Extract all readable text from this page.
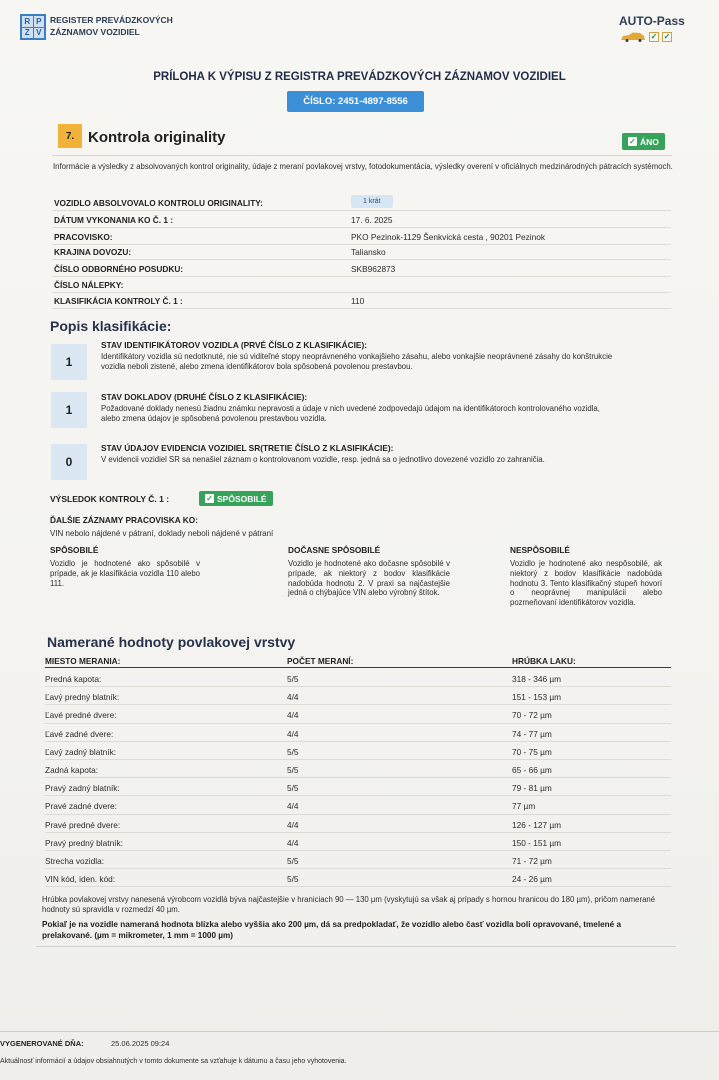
R P
Z V
REGISTER PREVÁDZKOVÝCH
ZÁZNAMOV VOZIDIEL
AUTO-Pass
✓ ✓
PRÍLOHA K VÝPISU Z REGISTRA PREVÁDZKOVÝCH ZÁZNAMOV VOZIDIEL
ČÍSLO: 2451-4897-8556
7. Kontrola originality	✓ ÁNO
Informácie a výsledky z absolvovaných kontrol originality, údaje z meraní povlakovej vrstvy, fotodokumentácia, výsledky overení v oficiálnych medzinárodných pátracích systémoch.
VOZIDLO ABSOLVOVALO KONTROLU ORIGINALITY:	1 krát
DÁTUM VYKONANIA KO Č. 1 :	17. 6. 2025
PRACOVISKO:	PKO Pezinok-1129 Šenkvická cesta , 90201 Pezinok
KRAJINA DOVOZU:	Taliansko
ČÍSLO ODBORNÉHO POSUDKU:	SKB962873
ČÍSLO NÁLEPKY:
KLASIFIKÁCIA KONTROLY Č. 1 :	110
Popis klasifikácie:
1
STAV IDENTIFIKÁTOROV VOZIDLA (PRVÉ ČÍSLO Z KLASIFIKÁCIE):
Identifikátory vozidla sú nedotknuté, nie sú viditeľné stopy neoprávneného vonkajšieho zásahu, alebo vonkajšie neoprávnené zásahy do konštrukcie vozidla neboli zistené, alebo zmena identifikátorov bola spôsobená povolenou prestavbou.
1
STAV DOKLADOV (DRUHÉ ČÍSLO Z KLASIFIKÁCIE):
Požadované doklady nenesú žiadnu známku nepravosti a údaje v nich uvedené zodpovedajú údajom na identifikátoroch kontrolovaného vozidla, alebo zmena údajov je spôsobená povolenou prestavbou vozidla.
0
STAV ÚDAJOV EVIDENCIA VOZIDIEL SR(TRETIE ČÍSLO Z KLASIFIKÁCIE):
V evidencii vozidiel SR sa nenašiel záznam o kontrolovanom vozidle, resp. jedná sa o jednotlivo dovezené vozidlo zo zahraničia.
VÝSLEDOK KONTROLY Č. 1 :	✓ SPÔSOBILÉ
ĎALŠIE ZÁZNAMY PRACOVISKA KO:
VIN nebolo nájdené v pátraní, doklady neboli nájdené v pátraní
SPÔSOBILÉ
Vozidlo je hodnotené ako spôsobilé v prípade, ak je klasifikácia vozidla 110 alebo 111.
DOČASNE SPÔSOBILÉ
Vozidlo je hodnotené ako dočasne spôsobilé v prípade, ak niektorý z bodov klasifikácie nadobúda hodnotu 2. V praxi sa najčastejšie jedná o chýbajúce VIN alebo výrobný štítok.
NESPÔSOBILÉ
Vozidlo je hodnotené ako nespôsobilé, ak niektorý z bodov klasifikácie nadobúda hodnotu 3. Tento klasifikačný stupeň hovorí o neoprávnej manipulácii alebo pozmeňovaní identifikátorov vozidla.
Namerané hodnoty povlakovej vrstvy
MIESTO MERANIA:	POČET MERANÍ:	HRÚBKA LAKU:
Predná kapota:	5/5	318 - 346 µm
Ľavý predný blatník:	4/4	151 - 153 µm
Ľavé predné dvere:	4/4	70 - 72 µm
Ľavé zadné dvere:	4/4	74 - 77 µm
Ľavý zadný blatník:	5/5	70 - 75 µm
Zadná kapota:	5/5	65 - 66 µm
Pravý zadný blatník:	5/5	79 - 81 µm
Pravé zadné dvere:	4/4	77 µm
Pravé predné dvere:	4/4	126 - 127 µm
Pravý predný blatník:	4/4	150 - 151 µm
Strecha vozidla:	5/5	71 - 72 µm
VIN kód, iden. kód:	5/5	24 - 26 µm
Hrúbka povlakovej vrstvy nanesená výrobcom vozidlá býva najčastejšie v hraniciach 90 — 130 µm (vyskytujú sa však aj prípady s hornou hranicou do 180 µm), pričom namerané hodnoty sú spravidla v rozmedzí 40 µm.
Pokiaľ je na vozidle nameraná hodnota blízka alebo vyššia ako 200 µm, dá sa predpokladať, že vozidlo alebo časť vozidla boli opravované, tmelené a prelakované. (µm = mikrometer, 1 mm = 1000 µm)
VYGENEROVANÉ DŇA:	25.06.2025 09:24
Aktuálnosť informácií a údajov obsiahnutých v tomto dokumente sa vzťahuje k dátumu a času jeho vyhotovenia.
